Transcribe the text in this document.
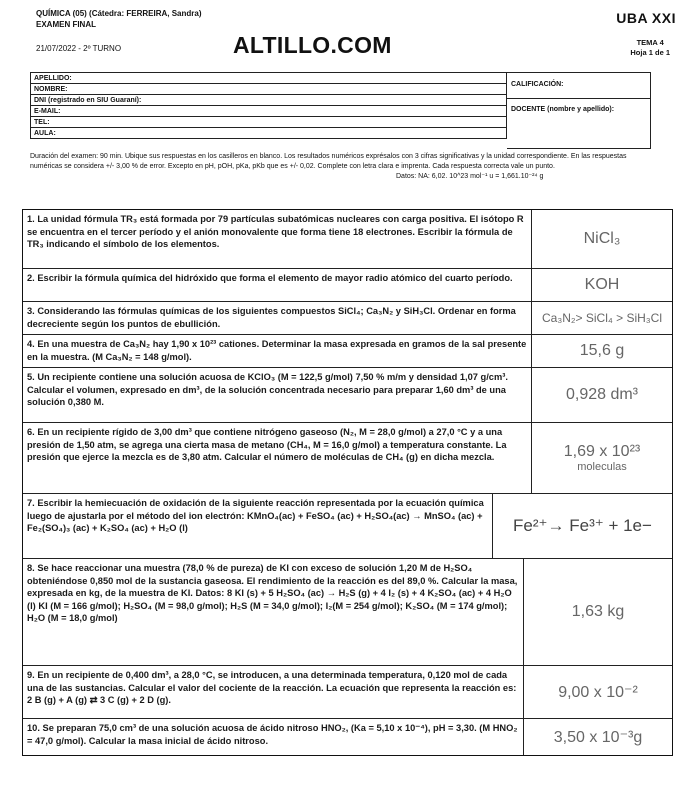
QUÍMICA (05) (Cátedra: FERREIRA, Sandra)
EXAMEN FINAL
21/07/2022 - 2º TURNO
UBA XXI
TEMA 4
Hoja 1 de 1
ALTILLO.COM
APELLIDO:
NOMBRE:
DNI (registrado en SIU Guaraní):
E-MAIL:
TEL:
AULA:
CALIFICACIÓN:
DOCENTE (nombre y apellido):
Duración del examen: 90 min. Ubique sus respuestas en los casilleros en blanco. Los resultados numéricos exprésalos con 3 cifras significativas y la unidad correspondiente. En las respuestas numéricas se considera +/- 3,00 % de error. Excepto en pH, pOH, pKa, pKb que es +/- 0,02. Complete con letra clara e imprenta. Cada respuesta correcta vale un punto.
Datos: NA: 6,02. 10^23 mol⁻¹ u = 1,661.10⁻²⁴ g
1. La unidad fórmula TR₃ está formada por 79 partículas subatómicas nucleares con carga positiva. El isótopo R se encuentra en el tercer período y el anión monovalente que forma tiene 18 electrones. Escribir la fórmula de TR₃ indicando el símbolo de los elementos.	NiCl₃
2. Escribir la fórmula química del hidróxido que forma el elemento de mayor radio atómico del cuarto período.	KOH
3. Considerando las fórmulas químicas de los siguientes compuestos SiCl₄; Ca₃N₂ y SiH₃Cl. Ordenar en forma decreciente según los puntos de ebullición.	Ca₃N₂> SiCl₄ > SiH₃Cl
4. En una muestra de Ca₃N₂ hay 1,90 x 10²³ cationes. Determinar la masa expresada en gramos de la sal presente en la muestra. (M Ca₃N₂ = 148 g/mol).	15,6 g
5. Un recipiente contiene una solución acuosa de KClO₃ (M = 122,5 g/mol) 7,50 % m/m y densidad 1,07 g/cm³. Calcular el volumen, expresado en dm³, de la solución concentrada necesario para preparar 1,60 dm³ de una solución 0,380 M.	0,928 dm³
6. En un recipiente rígido de 3,00 dm³ que contiene nitrógeno gaseoso (N₂, M = 28,0 g/mol) a 27,0 °C y a una presión de 1,50 atm, se agrega una cierta masa de metano (CH₄, M = 16,0 g/mol) a temperatura constante. La presión que ejerce la mezcla es de 3,80 atm. Calcular el número de moléculas de CH₄ (g) en dicha mezcla.	1,69 x 10²³
moleculas
7. Escribir la hemiecuación de oxidación de la siguiente reacción representada por la ecuación química luego de ajustarla por el método del ion electrón: KMnO₄(ac) + FeSO₄ (ac) + H₂SO₄(ac) → MnSO₄ (ac) + Fe₂(SO₄)₃ (ac) + K₂SO₄ (ac) + H₂O (l)	Fe²⁺→ Fe³⁺ + 1e−
8. Se hace reaccionar una muestra (78,0 % de pureza) de KI con exceso de solución 1,20 M de H₂SO₄ obteniéndose 0,850 mol de la sustancia gaseosa. El rendimiento de la reacción es del 89,0 %. Calcular la masa, expresada en kg, de la muestra de KI. Datos: 8 KI (s) + 5 H₂SO₄ (ac) → H₂S (g) + 4 I₂ (s) + 4 K₂SO₄ (ac) + 4 H₂O (l) KI (M = 166 g/mol); H₂SO₄ (M = 98,0 g/mol); H₂S (M = 34,0 g/mol); I₂(M = 254 g/mol); K₂SO₄ (M = 174 g/mol); H₂O (M = 18,0 g/mol)	1,63 kg
9. En un recipiente de 0,400 dm³, a 28,0 °C, se introducen, a una determinada temperatura, 0,120 mol de cada una de las sustancias. Calcular el valor del cociente de la reacción. La ecuación que representa la reacción es: 2 B (g) + A (g) ⇄ 3 C (g) + 2 D (g).	9,00 x 10⁻²
10. Se preparan 75,0 cm³ de una solución acuosa de ácido nitroso HNO₂, (Ka = 5,10 x 10⁻⁴), pH = 3,30. (M HNO₂ = 47,0 g/mol). Calcular la masa inicial de ácido nitroso.	3,50 x 10⁻³g
